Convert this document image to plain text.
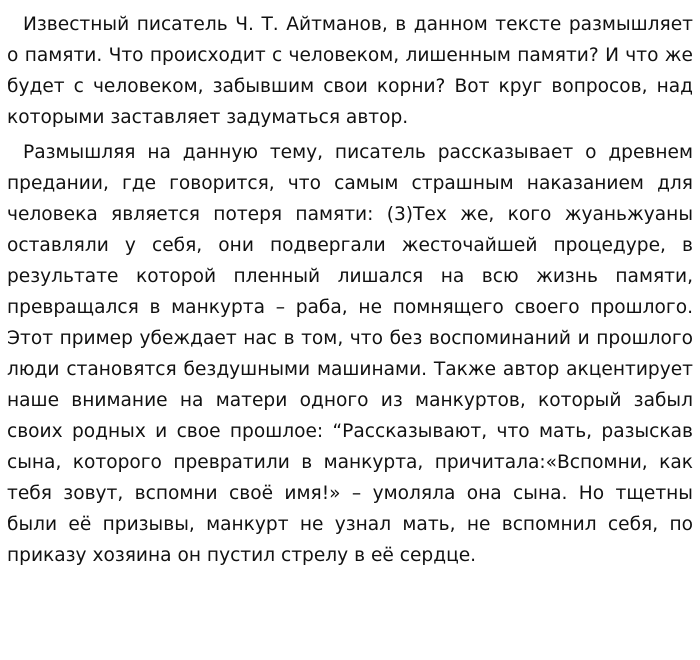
Известный писатель Ч. Т. Айтманов, в данном тексте размышляет о памяти. Что происходит с человеком, лишенным памяти? И что же будет с человеком, забывшим свои корни? Вот круг вопросов, над которыми заставляет задуматься автор.

Размышляя на данную тему, писатель рассказывает о древнем предании, где говорится, что самым страшным наказанием для человека является потеря памяти: (3)Тех же, кого жуаньжуаны оставляли у себя, они подвергали жесточайшей процедуре, в результате которой пленный лишался на всю жизнь памяти, превращался в манкурта – раба, не помнящего своего прошлого. Этот пример убеждает нас в том, что без воспоминаний и прошлого люди становятся бездушными машинами. Также автор акцентирует наше внимание на матери одного из манкуртов, который забыл своих родных и свое прошлое: “Рассказывают, что мать, разыскав сына, которого превратили в манкурта, причитала:«Вспомни, как тебя зовут, вспомни своё имя!» – умоляла она сына. Но тщетны были её призывы, манкурт не узнал мать, не вспомнил себя, по приказу хозяина он пустил стрелу в её сердце.
